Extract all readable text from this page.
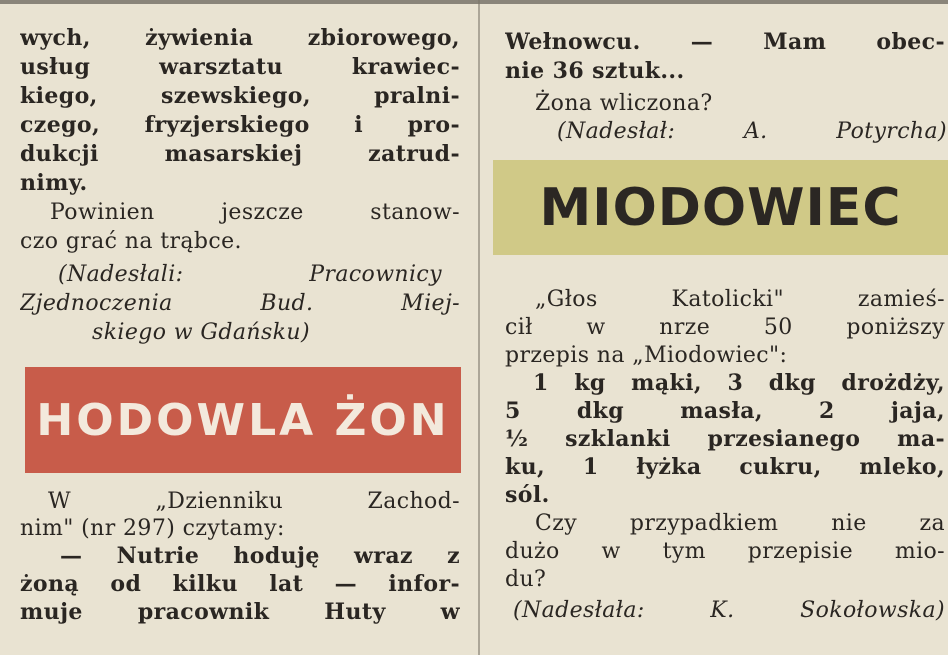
wych, żywienia zbiorowego,
usług warsztatu krawiec-
kiego, szewskiego, pralni-
czego, fryzjerskiego i pro-
dukcji masarskiej zatrud-
nimy.
Powinien jeszcze stanow-
czo grać na trąbce.
(Nadesłali: Pracownicy
Zjednoczenia Bud. Miej-
skiego w Gdańsku)
HODOWLA ŻON
W „Dzienniku Zachod-
nim" (nr 297) czytamy:
— Nutrie hoduję wraz z
żoną od kilku lat — infor-
muje pracownik Huty w
Wełnowcu. — Mam obec-
nie 36 sztuk...
Żona wliczona?
(Nadesłał: A. Potyrcha)
MIODOWIEC
„Głos Katolicki" zamieś-
cił w nrze 50 poniższy
przepis na „Miodowiec":
1 kg mąki, 3 dkg drożdży,
5 dkg masła, 2 jaja,
½ szklanki przesianego ma-
ku, 1 łyżka cukru, mleko,
sól.
Czy przypadkiem nie za
dużo w tym przepisie mio-
du?
(Nadesłała: K. Sokołowska)
